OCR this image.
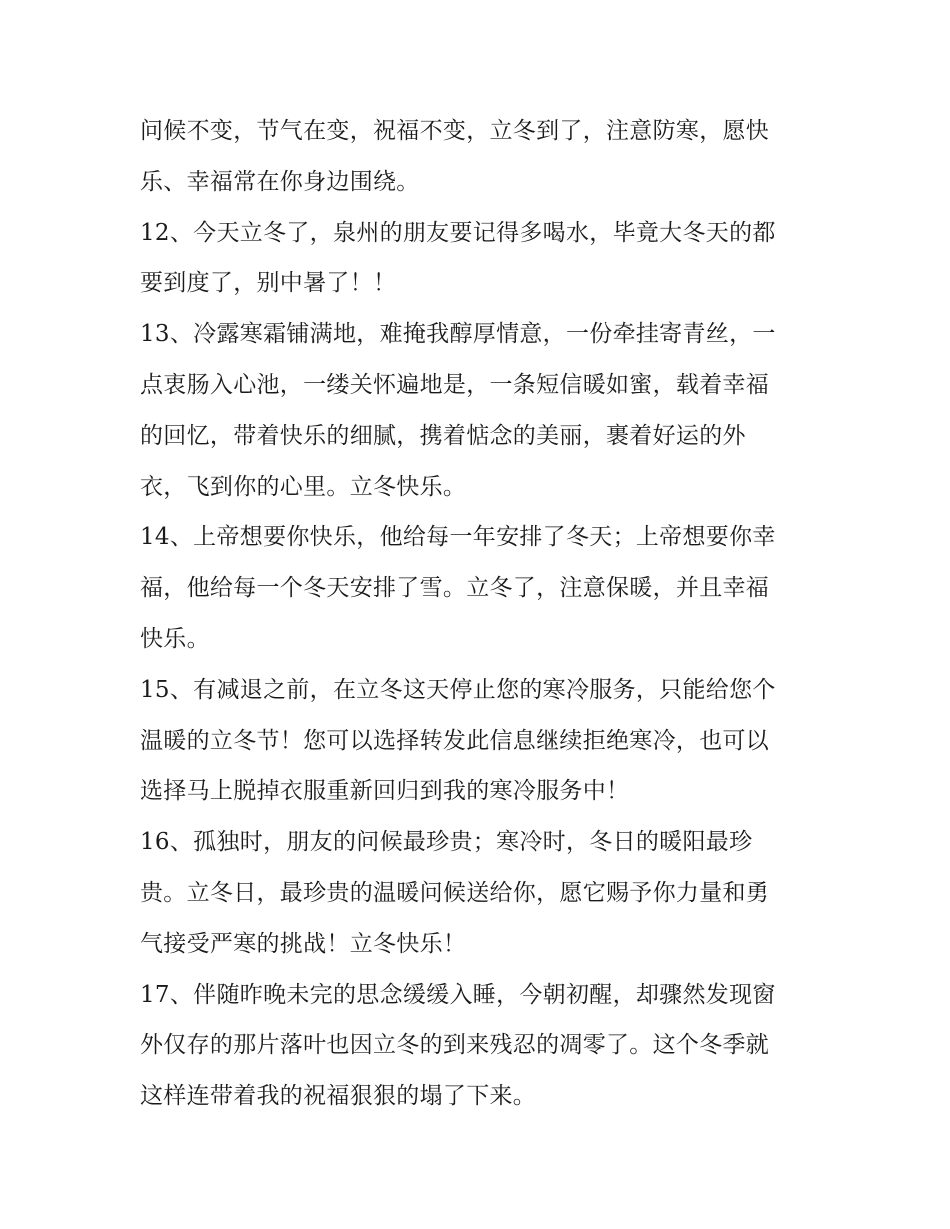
问候不变，节气在变，祝福不变，立冬到了，注意防寒，愿快
乐、幸福常在你身边围绕。
12、今天立冬了，泉州的朋友要记得多喝水，毕竟大冬天的都
要到度了，别中暑了！！
13、冷露寒霜铺满地，难掩我醇厚情意，一份牵挂寄青丝，一
点衷肠入心池，一缕关怀遍地是，一条短信暖如蜜，载着幸福
的回忆，带着快乐的细腻，携着惦念的美丽，裹着好运的外
衣，飞到你的心里。立冬快乐。
14、上帝想要你快乐，他给每一年安排了冬天；上帝想要你幸
福，他给每一个冬天安排了雪。立冬了，注意保暖，并且幸福
快乐。
15、有减退之前，在立冬这天停止您的寒冷服务，只能给您个
温暖的立冬节！您可以选择转发此信息继续拒绝寒冷，也可以
选择马上脱掉衣服重新回归到我的寒冷服务中！
16、孤独时，朋友的问候最珍贵；寒冷时，冬日的暖阳最珍
贵。立冬日，最珍贵的温暖问候送给你，愿它赐予你力量和勇
气接受严寒的挑战！立冬快乐！
17、伴随昨晚未完的思念缓缓入睡，今朝初醒，却骤然发现窗
外仅存的那片落叶也因立冬的到来残忍的凋零了。这个冬季就
这样连带着我的祝福狠狠的塌了下来。
